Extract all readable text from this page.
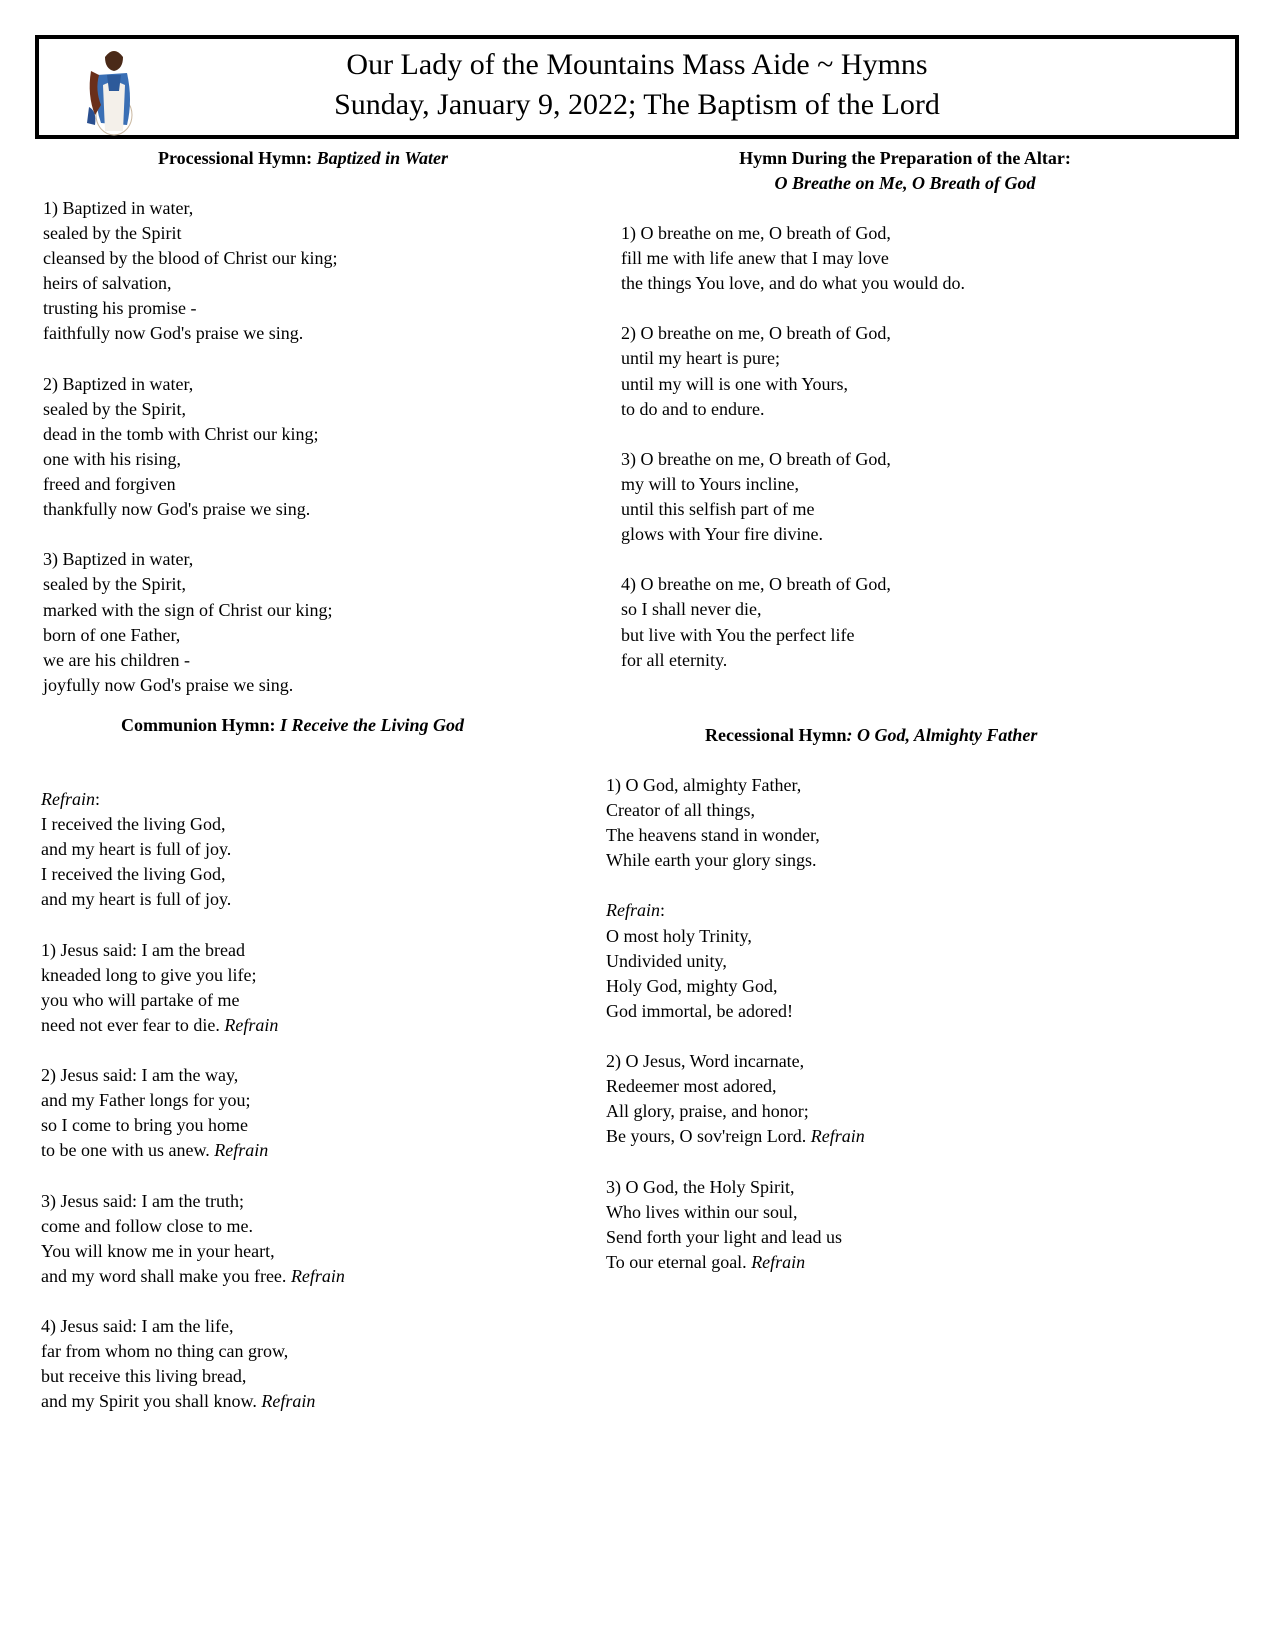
Our Lady of the Mountains Mass Aide ~ Hymns
Sunday, January 9, 2022; The Baptism of the Lord
Processional Hymn: Baptized in Water
1) Baptized in water,
sealed by the Spirit
cleansed by the blood of Christ our king;
heirs of salvation,
trusting his promise -
faithfully now God's praise we sing.
2) Baptized in water,
sealed by the Spirit,
dead in the tomb with Christ our king;
one with his rising,
freed and forgiven
thankfully now God's praise we sing.
3) Baptized in water,
sealed by the Spirit,
marked with the sign of Christ our king;
born of one Father,
we are his children -
joyfully now God's praise we sing.
Hymn During the Preparation of the Altar:
O Breathe on Me, O Breath of God
1) O breathe on me, O breath of God,
fill me with life anew that I may love
the things You love, and do what you would do.
2) O breathe on me, O breath of God,
until my heart is pure;
until my will is one with Yours,
to do and to endure.
3) O breathe on me, O breath of God,
my will to Yours incline,
until this selfish part of me
glows with Your fire divine.
4) O breathe on me, O breath of God,
so I shall never die,
but live with You the perfect life
for all eternity.
Communion Hymn: I Receive the Living God
Refrain:
I received the living God,
and my heart is full of joy.
I received the living God,
and my heart is full of joy.
1) Jesus said: I am the bread
kneaded long to give you life;
you who will partake of me
need not ever fear to die. Refrain
2) Jesus said: I am the way,
and my Father longs for you;
so I come to bring you home
to be one with us anew. Refrain
3) Jesus said: I am the truth;
come and follow close to me.
You will know me in your heart,
and my word shall make you free. Refrain
4) Jesus said: I am the life,
far from whom no thing can grow,
but receive this living bread,
and my Spirit you shall know. Refrain
Recessional Hymn: O God, Almighty Father
1) O God, almighty Father,
Creator of all things,
The heavens stand in wonder,
While earth your glory sings.
Refrain:
O most holy Trinity,
Undivided unity,
Holy God, mighty God,
God immortal, be adored!
2) O Jesus, Word incarnate,
Redeemer most adored,
All glory, praise, and honor;
Be yours, O sov'reign Lord. Refrain
3) O God, the Holy Spirit,
Who lives within our soul,
Send forth your light and lead us
To our eternal goal. Refrain
